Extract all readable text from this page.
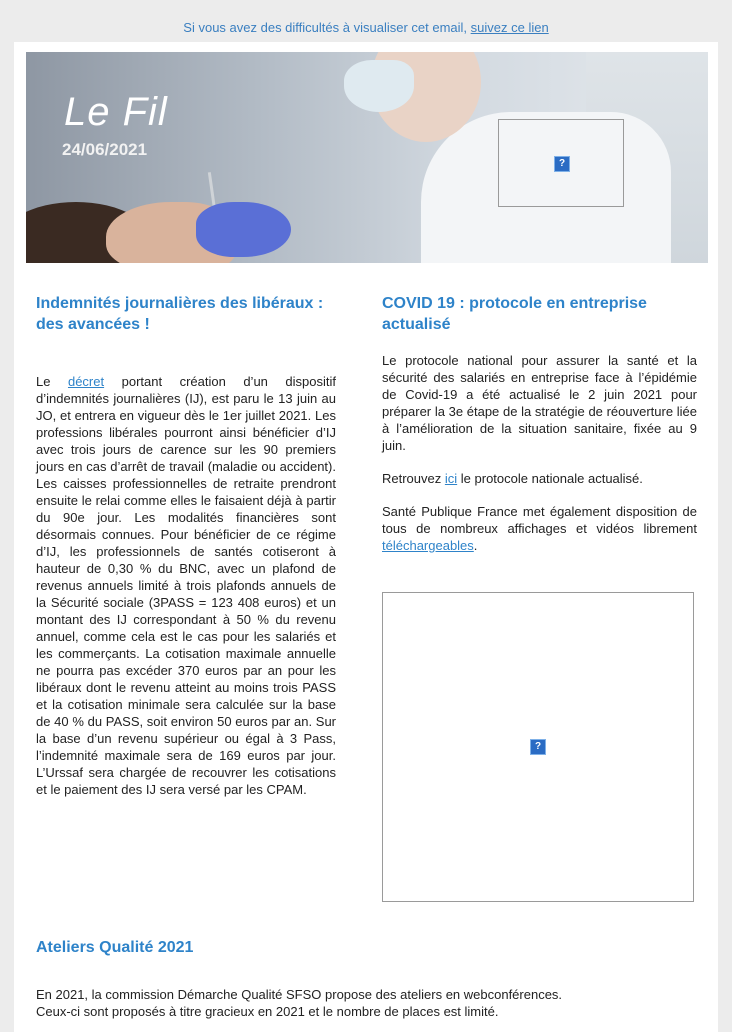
Si vous avez des difficultés à visualiser cet email, suivez ce lien
Le Fil
24/06/2021
?
Indemnités journalières des libéraux : des avancées !

Le décret portant création d’un dispositif d’indemnités journalières (IJ), est paru le 13 juin au JO, et entrera en vigueur dès le 1er juillet 2021. Les professions libérales pourront ainsi bénéficier d’IJ avec trois jours de carence sur les 90 premiers jours en cas d’arrêt de travail (maladie ou accident). Les caisses professionnelles de retraite prendront ensuite le relai comme elles le faisaient déjà à partir du 90e jour. Les modalités financières sont désormais connues. Pour bénéficier de ce régime d’IJ, les professionnels de santés cotiseront à hauteur de 0,30 % du BNC, avec un plafond de revenus annuels limité à trois plafonds annuels de la Sécurité sociale (3PASS = 123 408 euros) et un montant des IJ correspondant à 50 % du revenu annuel, comme cela est le cas pour les salariés et les commerçants. La cotisation maximale annuelle ne pourra pas excéder 370 euros par an pour les libéraux dont le revenu atteint au moins trois PASS et la cotisation minimale sera calculée sur la base de 40 % du PASS, soit environ 50 euros par an. Sur la base d’un revenu supérieur ou égal à 3 Pass, l’indemnité maximale sera de 169 euros par jour. L’Urssaf sera chargée de recouvrer les cotisations et le paiement des IJ sera versé par les CPAM.

COVID 19 : protocole en entreprise actualisé

Le protocole national pour assurer la santé et la sécurité des salariés en entreprise face à l’épidémie de Covid-19 a été actualisé le 2 juin 2021 pour préparer la 3e étape de la stratégie de réouverture liée à l’amélioration de la situation sanitaire, fixée au 9 juin.

Retrouvez ici le protocole nationale actualisé.

Santé Publique France met également disposition de tous de nombreux affichages et vidéos librement téléchargeables.

?
Ateliers Qualité 2021

En 2021, la commission Démarche Qualité SFSO propose des ateliers en webconférences.

Ceux-ci sont proposés à titre gracieux en 2021 et le nombre de places est limité.
